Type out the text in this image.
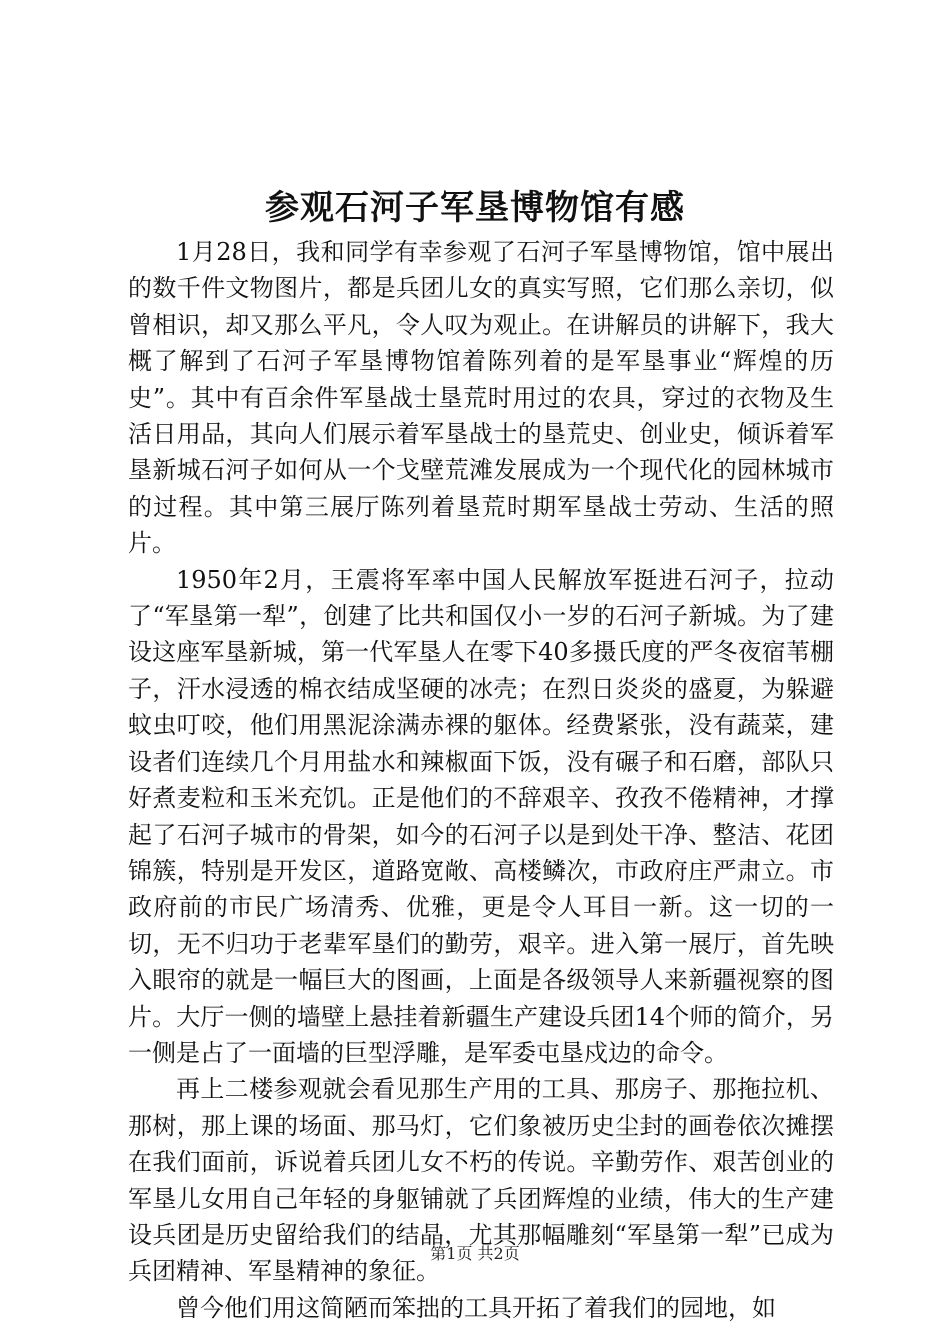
参观石河子军垦博物馆有感

1月28日，我和同学有幸参观了石河子军垦博物馆，馆中展出的数千件文物图片，都是兵团儿女的真实写照，它们那么亲切，似曾相识，却又那么平凡，令人叹为观止。在讲解员的讲解下，我大概了解到了石河子军垦博物馆着陈列着的是军垦事业“辉煌的历史”。其中有百余件军垦战士垦荒时用过的农具，穿过的衣物及生活日用品，其向人们展示着军垦战士的垦荒史、创业史，倾诉着军垦新城石河子如何从一个戈壁荒滩发展成为一个现代化的园林城市的过程。其中第三展厅陈列着垦荒时期军垦战士劳动、生活的照片。

1950年2月，王震将军率中国人民解放军挺进石河子，拉动了“军垦第一犁”，创建了比共和国仅小一岁的石河子新城。为了建设这座军垦新城，第一代军垦人在零下40多摄氏度的严冬夜宿苇棚子，汗水浸透的棉衣结成坚硬的冰壳；在烈日炎炎的盛夏，为躲避蚊虫叮咬，他们用黑泥涂满赤裸的躯体。经费紧张，没有蔬菜，建设者们连续几个月用盐水和辣椒面下饭，没有碾子和石磨，部队只好煮麦粒和玉米充饥。正是他们的不辞艰辛、孜孜不倦精神，才撑起了石河子城市的骨架，如今的石河子以是到处干净、整洁、花团锦簇，特别是开发区，道路宽敞、高楼鳞次，市政府庄严肃立。市政府前的市民广场清秀、优雅，更是令人耳目一新。这一切的一切，无不归功于老辈军垦们的勤劳，艰辛。进入第一展厅，首先映入眼帘的就是一幅巨大的图画，上面是各级领导人来新疆视察的图片。大厅一侧的墙壁上悬挂着新疆生产建设兵团14个师的简介，另一侧是占了一面墙的巨型浮雕，是军委屯垦戍边的命令。

再上二楼参观就会看见那生产用的工具、那房子、那拖拉机、那树，那上课的场面、那马灯，它们象被历史尘封的画卷依次摊摆在我们面前，诉说着兵团儿女不朽的传说。辛勤劳作、艰苦创业的军垦儿女用自己年轻的身躯铺就了兵团辉煌的业绩，伟大的生产建设兵团是历史留给我们的结晶，尤其那幅雕刻“军垦第一犁”已成为兵团精神、军垦精神的象征。

曾今他们用这简陋而笨拙的工具开拓了着我们的园地，如

第1页 共2页
